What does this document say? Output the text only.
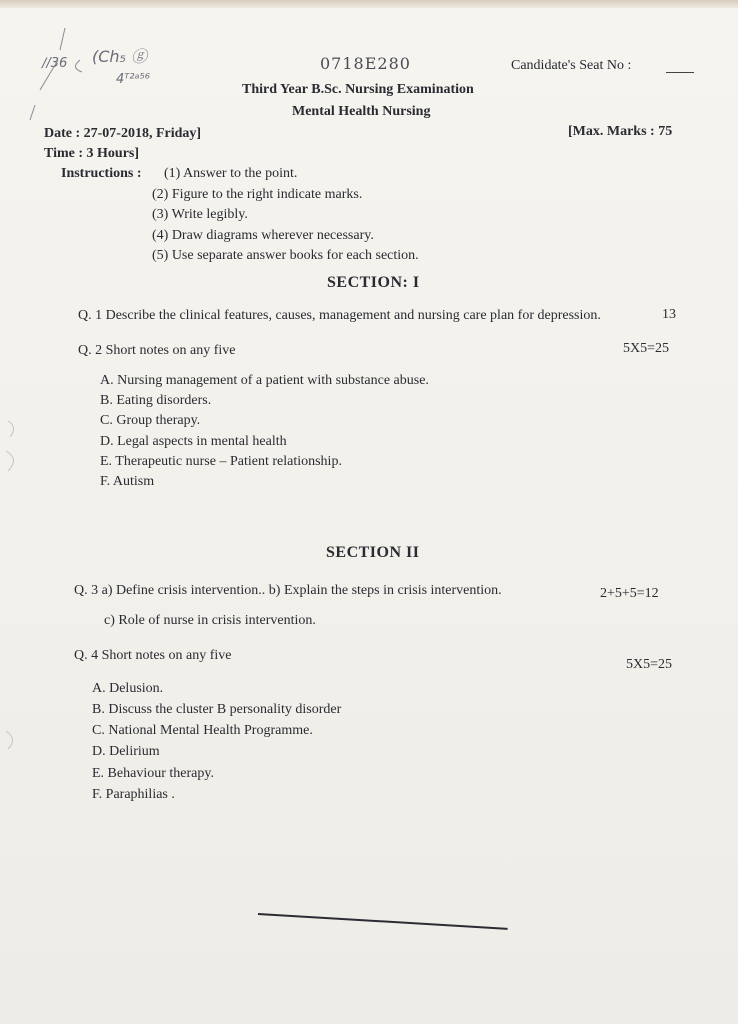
∕/36 (Ch₅ ⓖ
4ᵀ²ᵃ⁵⁶
0718E280	Candidate's Seat No :
Third Year B.Sc. Nursing Examination
Mental Health Nursing
Date : 27-07-2018, Friday]	[Max. Marks : 75
Time : 3 Hours]
Instructions : (1) Answer to the point.
(2) Figure to the right indicate marks.
(3) Write legibly.
(4) Draw diagrams wherever necessary.
(5) Use separate answer books for each section.
SECTION: I
Q. 1 Describe the clinical features, causes, management and nursing care plan for depression.	13
Q. 2 Short notes on any five	5X5=25
A. Nursing management of a patient with substance abuse.
B. Eating disorders.
C. Group therapy.
D. Legal aspects in mental health
E. Therapeutic nurse – Patient relationship.
F. Autism
SECTION II
Q. 3 a) Define crisis intervention.. b) Explain the steps in crisis intervention.	2+5+5=12
c) Role of nurse in crisis intervention.
Q. 4 Short notes on any five
5X5=25
A. Delusion.
B. Discuss the cluster B personality disorder
C. National Mental Health Programme.
D. Delirium
E. Behaviour therapy.
F. Paraphilias .
